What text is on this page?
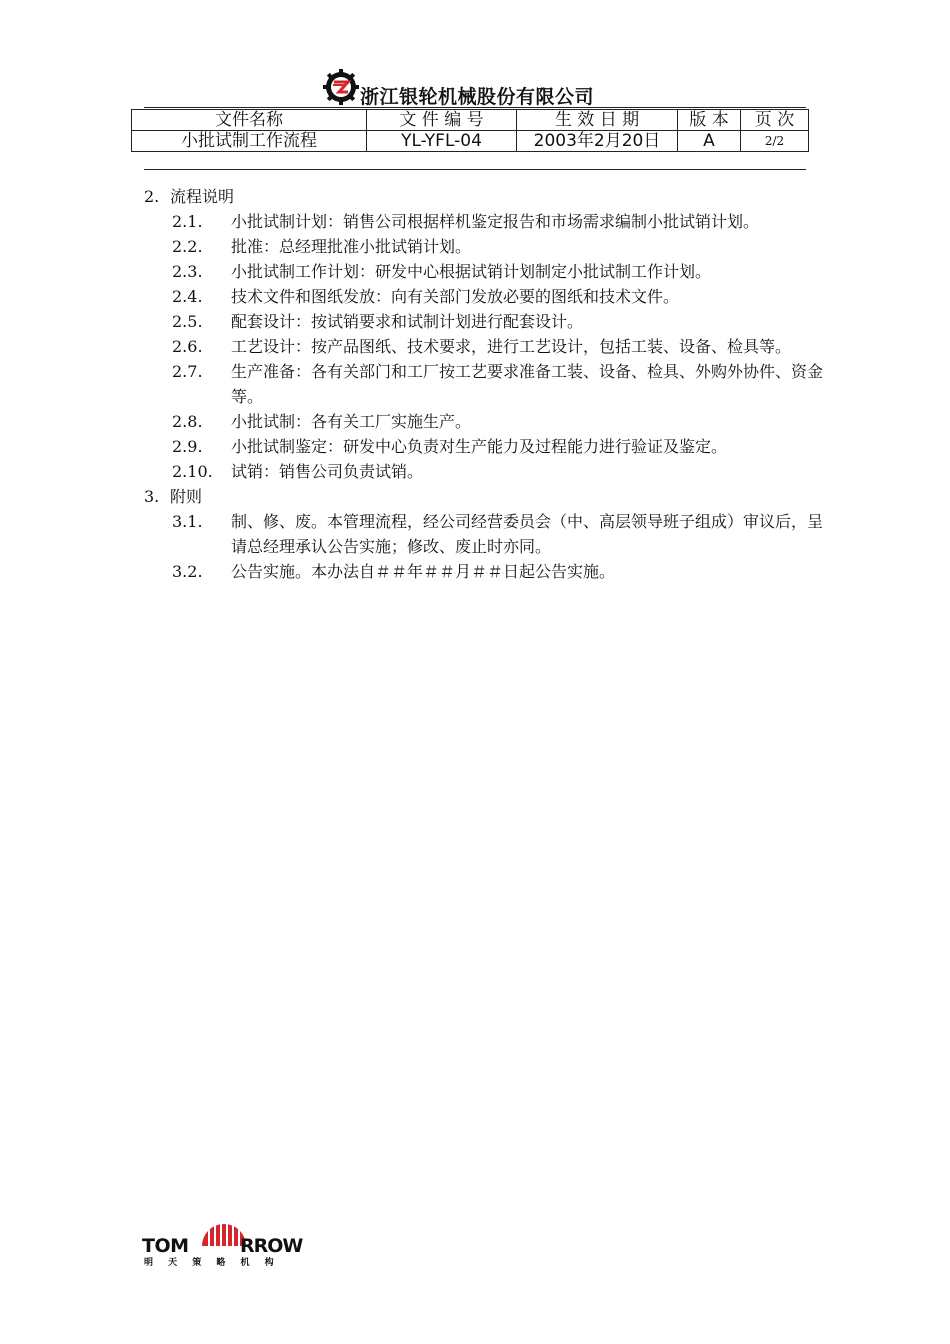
浙江银轮机械股份有限公司
文件名称	文 件 编 号	生 效 日 期	版 本	页 次
小批试制工作流程	YL-YFL-04	2003年2月20日	A	2/2
2. 流程说明
2.1. 小批试制计划：销售公司根据样机鉴定报告和市场需求编制小批试销计划。
2.2. 批准：总经理批准小批试销计划。
2.3. 小批试制工作计划：研发中心根据试销计划制定小批试制工作计划。
2.4. 技术文件和图纸发放：向有关部门发放必要的图纸和技术文件。
2.5. 配套设计：按试销要求和试制计划进行配套设计。
2.6. 工艺设计：按产品图纸、技术要求，进行工艺设计，包括工装、设备、检具等。
2.7. 生产准备：各有关部门和工厂按工艺要求准备工装、设备、检具、外购外协件、资金等。
2.8. 小批试制：各有关工厂实施生产。
2.9. 小批试制鉴定：研发中心负责对生产能力及过程能力进行验证及鉴定。
2.10. 试销：销售公司负责试销。
3. 附则
3.1. 制、修、废。本管理流程，经公司经营委员会（中、高层领导班子组成）审议后，呈请总经理承认公告实施；修改、废止时亦同。
3.2. 公告实施。本办法自＃＃年＃＃月＃＃日起公告实施。
TOM	RROW
明 天 策 略 机 构
